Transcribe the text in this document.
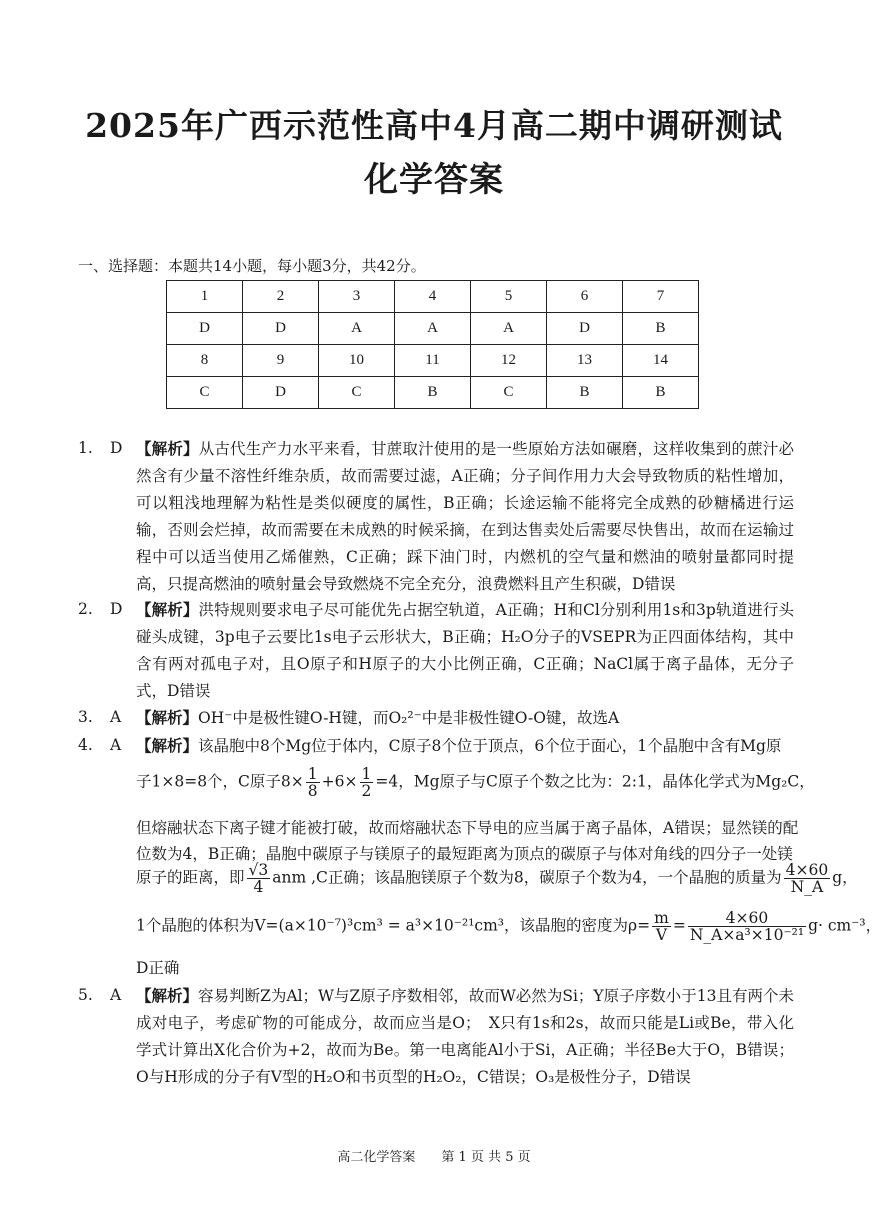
2025年广西示范性高中4月高二期中调研测试
化学答案
一、选择题：本题共14小题，每小题3分，共42分。
1	2	3	4	5	6	7
D	D	A	A	A	D	B
8	9	10	11	12	13	14
C	D	C	B	C	B	B
1.	D 【解析】从古代生产力水平来看，甘蔗取汁使用的是一些原始方法如碾磨，这样收集到的蔗汁必然含有少量不溶性纤维杂质，故而需要过滤，A正确；分子间作用力大会导致物质的粘性增加，可以粗浅地理解为粘性是类似硬度的属性，B正确；长途运输不能将完全成熟的砂糖橘进行运输，否则会烂掉，故而需要在未成熟的时候采摘，在到达售卖处后需要尽快售出，故而在运输过程中可以适当使用乙烯催熟，C正确；踩下油门时，内燃机的空气量和燃油的喷射量都同时提高，只提高燃油的喷射量会导致燃烧不完全充分，浪费燃料且产生积碳，D错误
2.	D 【解析】洪特规则要求电子尽可能优先占据空轨道，A正确；H和Cl分别利用1s和3p轨道进行头碰头成键，3p电子云要比1s电子云形状大，B正确；H₂O分子的VSEPR为正四面体结构，其中含有两对孤电子对，且O原子和H原子的大小比例正确，C正确；NaCl属于离子晶体，无分子式，D错误
3.	A 【解析】OH⁻中是极性键O-H键，而O₂²⁻中是非极性键O-O键，故选A
4.	A 【解析】该晶胞中8个Mg位于体内，C原子8个位于顶点，6个位于面心，1个晶胞中含有Mg原
子1×8=8个，C原子$8\times \frac{1}{8} +6\times \frac{1}{2} =4$，Mg原子与C原子个数之比为：2:1，晶体化学式为Mg₂C，
但熔融状态下离子键才能被打破，故而熔融状态下导电的应当属于离子晶体，A错误；显然镁的配
位数为4，B正确；晶胞中碳原子与镁原子的最短距离为顶点的碳原子与体对角线的四分子一处镁
原子的距离，即 $\frac{√3}{4}$ anm ,C正确；该晶胞镁原子个数为8，碳原子个数为4，一个晶胞的质量为 $\frac{4\times 60}{N\_A}$ g，
1个晶胞的体积为V=(a×10⁻⁷)³cm³ = a³×10⁻²¹cm³，该晶胞的密度为$\rho= \frac{m}{V} = \frac{4\times 60}{\text{N\_A×a³×10⁻²¹}} g\cdot cm^{-3}$，
D正确
5.	A 【解析】容易判断Z为Al；W与Z原子序数相邻，故而W必然为Si；Y原子序数小于13且有两个未成对电子，考虑矿物的可能成分，故而应当是O；　X只有1s和2s，故而只能是Li或Be，带入化学式计算出X化合价为+2，故而为Be。第一电离能Al小于Si，A正确；半径Be大于O，B错误；O与H形成的分子有V型的H₂O和书页型的H₂O₂，C错误；O₃是极性分子，D错误
高二化学答案　　第 1 页 共 5 页
